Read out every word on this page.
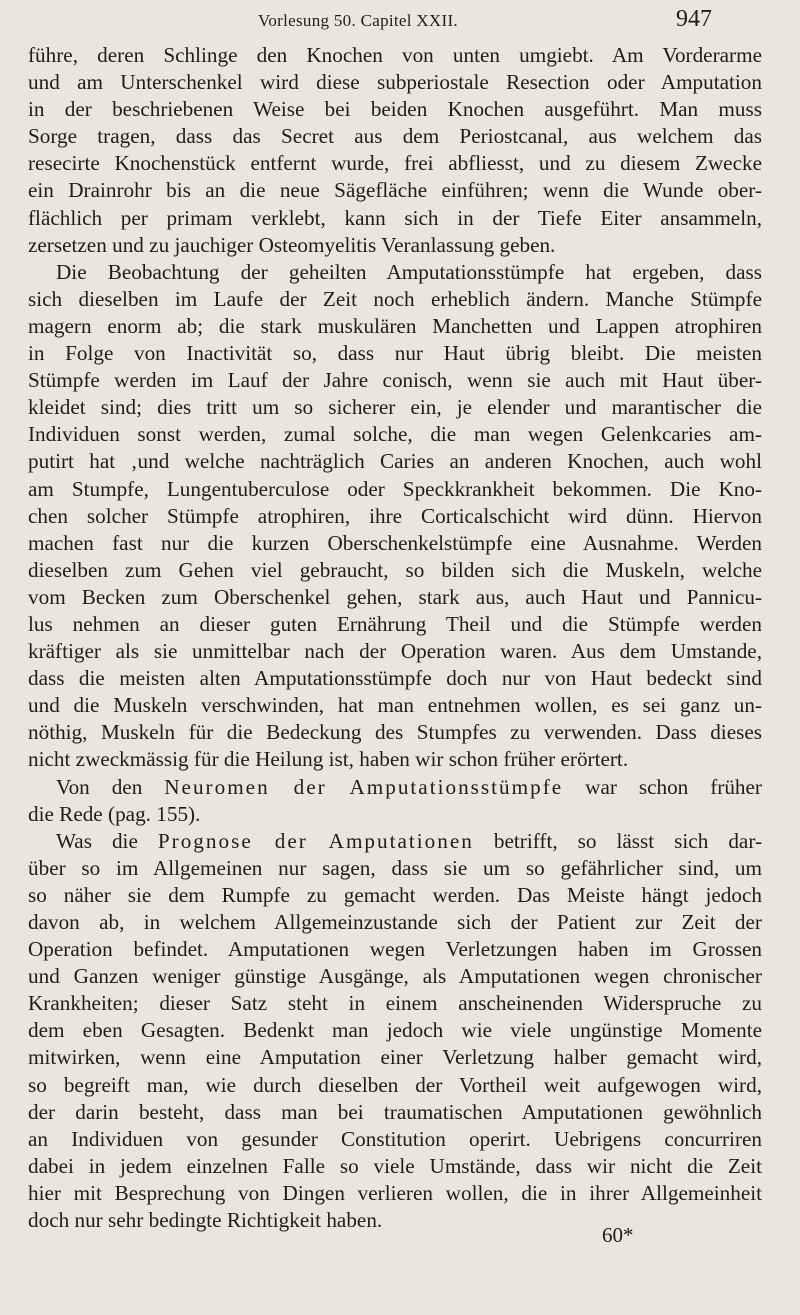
Vorlesung 50. Capitel XXII.	947
führe, deren Schlinge den Knochen von unten umgiebt. Am Vorderarme
und am Unterschenkel wird diese subperiostale Resection oder Amputation
in der beschriebenen Weise bei beiden Knochen ausgeführt. Man muss
Sorge tragen, dass das Secret aus dem Periostcanal, aus welchem das
resecirte Knochenstück entfernt wurde, frei abfliesst, und zu diesem Zwecke
ein Drainrohr bis an die neue Sägefläche einführen; wenn die Wunde ober-
flächlich per primam verklebt, kann sich in der Tiefe Eiter ansammeln,
zersetzen und zu jauchiger Osteomyelitis Veranlassung geben.
Die Beobachtung der geheilten Amputationsstümpfe hat ergeben, dass
sich dieselben im Laufe der Zeit noch erheblich ändern. Manche Stümpfe
magern enorm ab; die stark muskulären Manchetten und Lappen atrophiren
in Folge von Inactivität so, dass nur Haut übrig bleibt. Die meisten
Stümpfe werden im Lauf der Jahre conisch, wenn sie auch mit Haut über-
kleidet sind; dies tritt um so sicherer ein, je elender und marantischer die
Individuen sonst werden, zumal solche, die man wegen Gelenkcaries am-
putirt hat ‚und welche nachträglich Caries an anderen Knochen, auch wohl
am Stumpfe, Lungentuberculose oder Speckkrankheit bekommen. Die Kno-
chen solcher Stümpfe atrophiren, ihre Corticalschicht wird dünn. Hiervon
machen fast nur die kurzen Oberschenkelstümpfe eine Ausnahme. Werden
dieselben zum Gehen viel gebraucht, so bilden sich die Muskeln, welche
vom Becken zum Oberschenkel gehen, stark aus, auch Haut und Pannicu-
lus nehmen an dieser guten Ernährung Theil und die Stümpfe werden
kräftiger als sie unmittelbar nach der Operation waren. Aus dem Umstande,
dass die meisten alten Amputationsstümpfe doch nur von Haut bedeckt sind
und die Muskeln verschwinden, hat man entnehmen wollen, es sei ganz un-
nöthig, Muskeln für die Bedeckung des Stumpfes zu verwenden. Dass dieses
nicht zweckmässig für die Heilung ist, haben wir schon früher erörtert.
Von den Neuromen der Amputationsstümpfe war schon früher
die Rede (pag. 155).
Was die Prognose der Amputationen betrifft, so lässt sich dar-
über so im Allgemeinen nur sagen, dass sie um so gefährlicher sind, um
so näher sie dem Rumpfe zu gemacht werden. Das Meiste hängt jedoch
davon ab, in welchem Allgemeinzustande sich der Patient zur Zeit der
Operation befindet. Amputationen wegen Verletzungen haben im Grossen
und Ganzen weniger günstige Ausgänge, als Amputationen wegen chronischer
Krankheiten; dieser Satz steht in einem anscheinenden Widerspruche zu
dem eben Gesagten. Bedenkt man jedoch wie viele ungünstige Momente
mitwirken, wenn eine Amputation einer Verletzung halber gemacht wird,
so begreift man, wie durch dieselben der Vortheil weit aufgewogen wird,
der darin besteht, dass man bei traumatischen Amputationen gewöhnlich
an Individuen von gesunder Constitution operirt. Uebrigens concurriren
dabei in jedem einzelnen Falle so viele Umstände, dass wir nicht die Zeit
hier mit Besprechung von Dingen verlieren wollen, die in ihrer Allgemeinheit
doch nur sehr bedingte Richtigkeit haben.
60*
